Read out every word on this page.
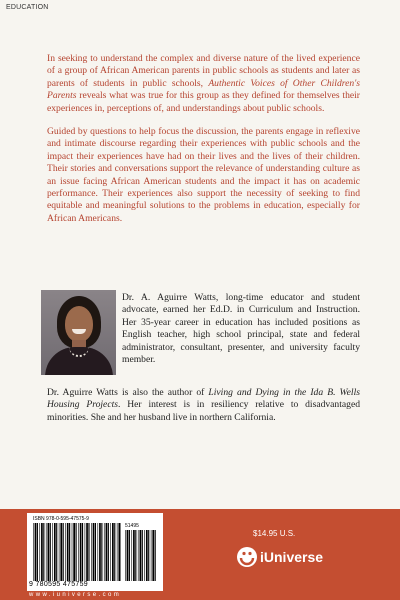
EDUCATION

In seeking to understand the complex and diverse nature of the lived experience of a group of African American parents in public schools as students and later as parents of students in public schools, Authentic Voices of Other Children's Parents reveals what was true for this group as they defined for themselves their experiences in, perceptions of, and understandings about public schools.

Guided by questions to help focus the discussion, the parents engage in reflexive and intimate discourse regarding their experiences with public schools and the impact their experiences have had on their lives and the lives of their children. Their stories and conversations support the relevance of understanding culture as an issue facing African American students and the impact it has on academic performance. Their experiences also support the necessity of seeking to find equitable and meaningful solutions to the problems in education, especially for African Americans.

Dr. A. Aguirre Watts, long-time educator and student advocate, earned her Ed.D. in Curriculum and Instruction. Her 35-year career in education has included positions as English teacher, high school principal, state and federal administrator, consultant, presenter, and university faculty member.
Dr. Aguirre Watts is also the author of Living and Dying in the Ida B. Wells Housing Projects. Her interest is in resiliency relative to disadvantaged minorities. She and her husband live in northern California.
ISBN 978-0-595-47575-9
51495
9 780595 475759
www.iuniverse.com
$14.95 U.S.
iUniverse
